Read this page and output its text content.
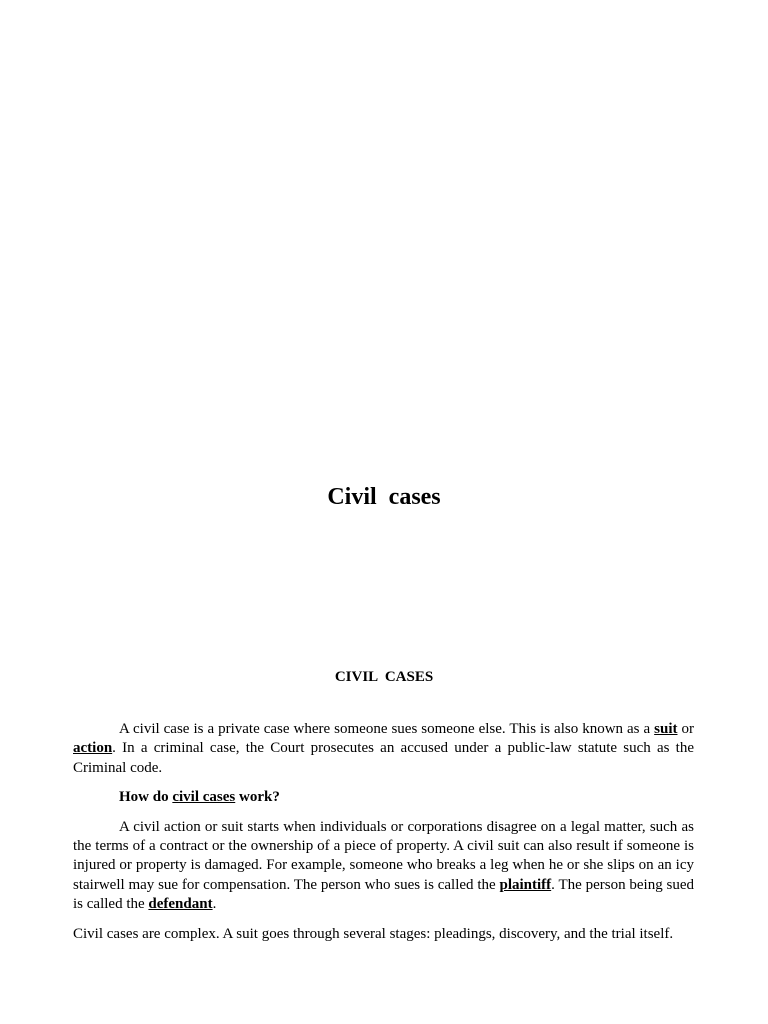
Civil  cases
CIVIL  CASES

A civil case is a private case where someone sues someone else. This is also known as a suit or action. In a criminal case, the Court prosecutes an accused under a public-law statute such as the Criminal code.

How do civil cases work?

A civil action or suit starts when individuals or corporations disagree on a legal matter, such as the terms of a contract or the ownership of a piece of property. A civil suit can also result if someone is injured or property is damaged. For example, someone who breaks a leg when he or she slips on an icy stairwell may sue for compensation. The person who sues is called the plaintiff. The person being sued is called the defendant.

Civil cases are complex. A suit goes through several stages: pleadings, discovery, and the trial itself.
